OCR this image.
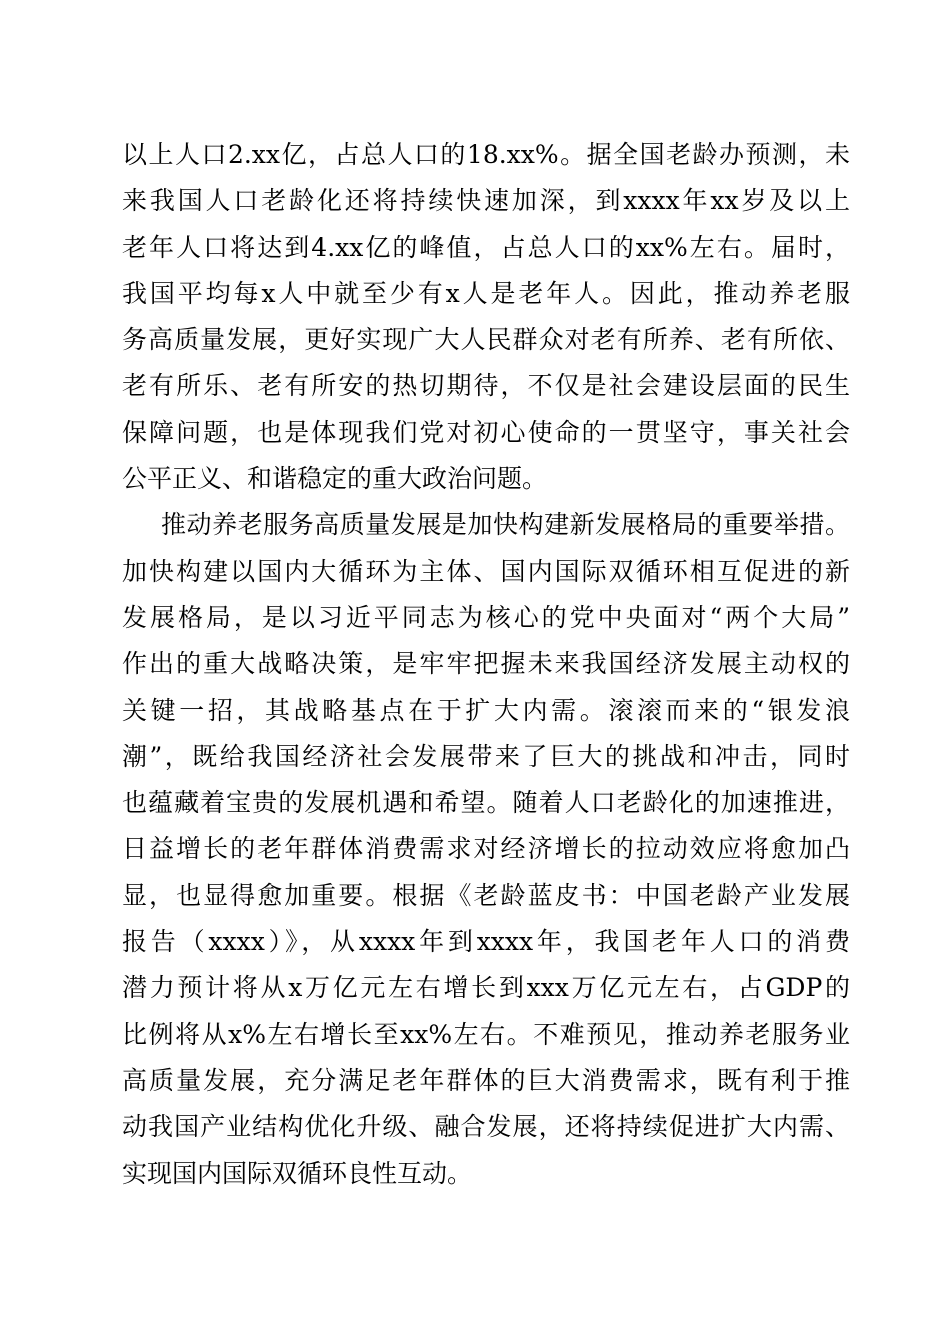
以上人口2.xx亿，占总人口的18.xx%。据全国老龄办预测，未
来我国人口老龄化还将持续快速加深，到xxxx年xx岁及以上
老年人口将达到4.xx亿的峰值，占总人口的xx%左右。届时，
我国平均每x人中就至少有x人是老年人。因此，推动养老服
务高质量发展，更好实现广大人民群众对老有所养、老有所依、
老有所乐、老有所安的热切期待，不仅是社会建设层面的民生
保障问题，也是体现我们党对初心使命的一贯坚守，事关社会
公平正义、和谐稳定的重大政治问题。
推动养老服务高质量发展是加快构建新发展格局的重要举措。
加快构建以国内大循环为主体、国内国际双循环相互促进的新
发展格局，是以习近平同志为核心的党中央面对“两个大局”
作出的重大战略决策，是牢牢把握未来我国经济发展主动权的
关键一招，其战略基点在于扩大内需。滚滚而来的“银发浪
潮”，既给我国经济社会发展带来了巨大的挑战和冲击，同时
也蕴藏着宝贵的发展机遇和希望。随着人口老龄化的加速推进，
日益增长的老年群体消费需求对经济增长的拉动效应将愈加凸
显，也显得愈加重要。根据《老龄蓝皮书：中国老龄产业发展
报告（xxxx）》，从xxxx年到xxxx年，我国老年人口的消费
潜力预计将从x万亿元左右增长到xxx万亿元左右，占GDP的
比例将从x%左右增长至xx%左右。不难预见，推动养老服务业
高质量发展，充分满足老年群体的巨大消费需求，既有利于推
动我国产业结构优化升级、融合发展，还将持续促进扩大内需、
实现国内国际双循环良性互动。
